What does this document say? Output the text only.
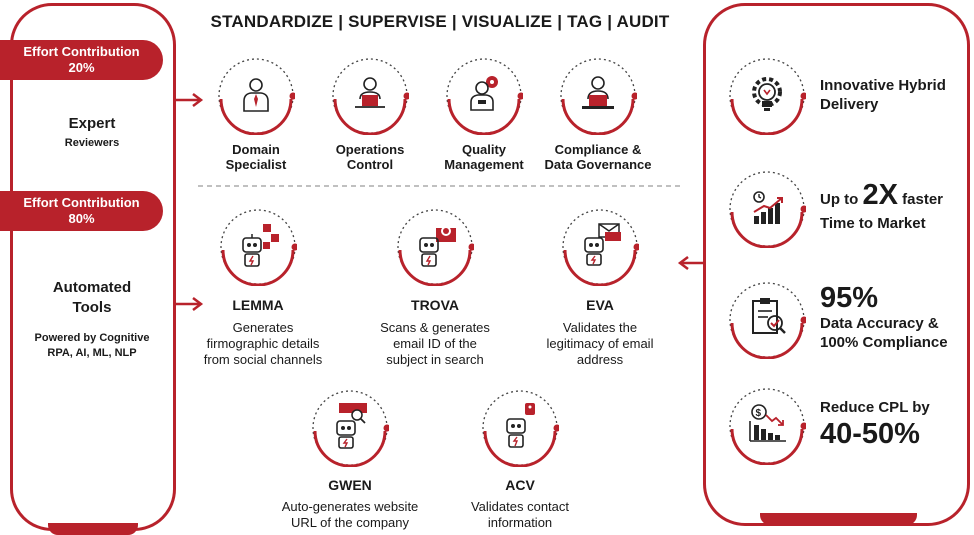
STANDARDIZE | SUPERVISE | VISUALIZE | TAG | AUDIT
Effort Contribution
20%
Expert
Reviewers
Effort Contribution
80%
Automated
Tools
Powered by Cognitive
RPA, AI, ML, NLP
Domain
Specialist
Operations
Control
Quality
Management
Compliance &
Data Governance
LEMMA
Generates
firmographic details
from social channels
TROVA
Scans & generates
email ID of the
subject in search
EVA
Validates the
legitimacy of email
address
GWEN
Auto-generates website
URL of the company
ACV
Validates contact
information
Innovative Hybrid
Delivery
Up to 2X faster
Time to Market
95%
Data Accuracy &
100% Compliance
$	Reduce CPL by
40-50%
